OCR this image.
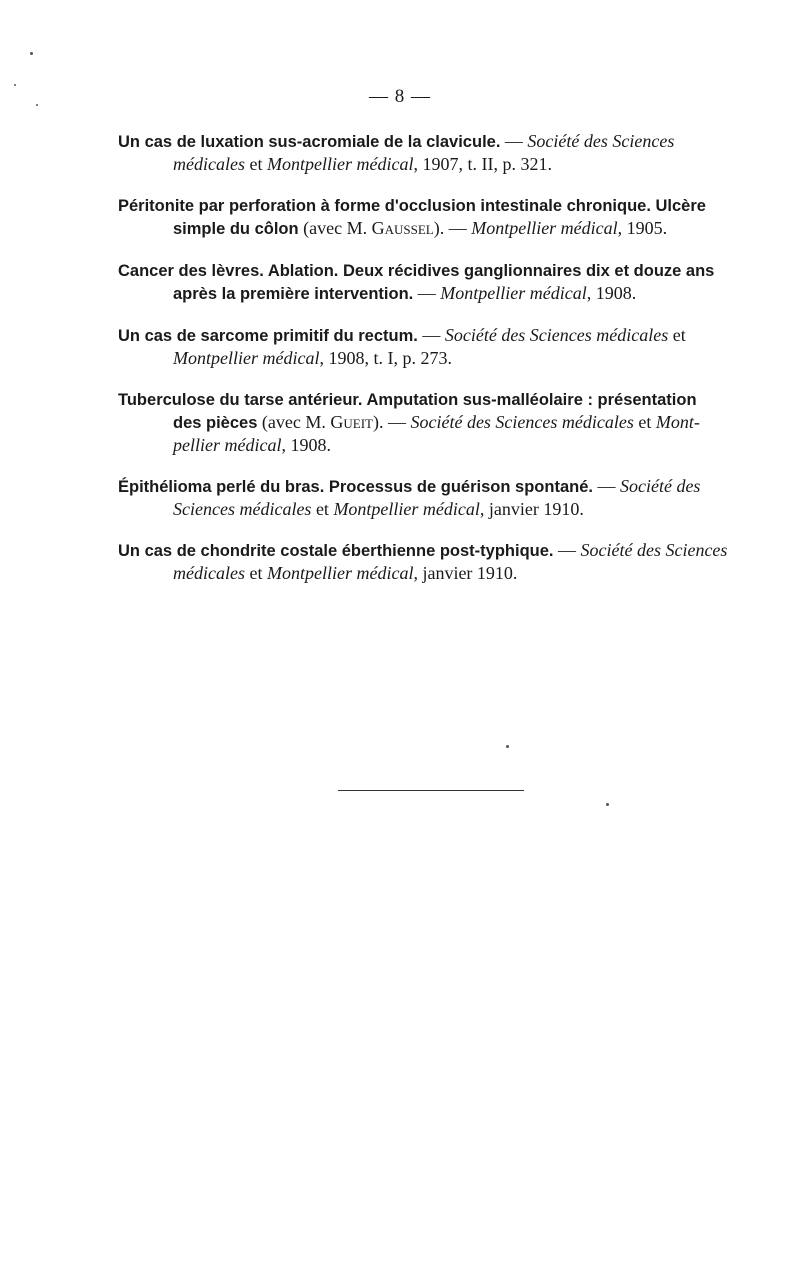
— 8 —
Un cas de luxation sus-acromiale de la clavicule. — Société des Sciences
médicales et Montpellier médical, 1907, t. II, p. 321.
Péritonite par perforation à forme d'occlusion intestinale chronique. Ulcère
simple du côlon (avec M. Gaussel). — Montpellier médical, 1905.
Cancer des lèvres. Ablation. Deux récidives ganglionnaires dix et douze ans
après la première intervention. — Montpellier médical, 1908.
Un cas de sarcome primitif du rectum. — Société des Sciences médicales et
Montpellier médical, 1908, t. I, p. 273.
Tuberculose du tarse antérieur. Amputation sus-malléolaire : présentation
des pièces (avec M. Gueit). — Société des Sciences médicales et Mont-
pellier médical, 1908.
Épithélioma perlé du bras. Processus de guérison spontané. — Société des
Sciences médicales et Montpellier médical, janvier 1910.
Un cas de chondrite costale éberthienne post-typhique. — Société des Sciences
médicales et Montpellier médical, janvier 1910.
